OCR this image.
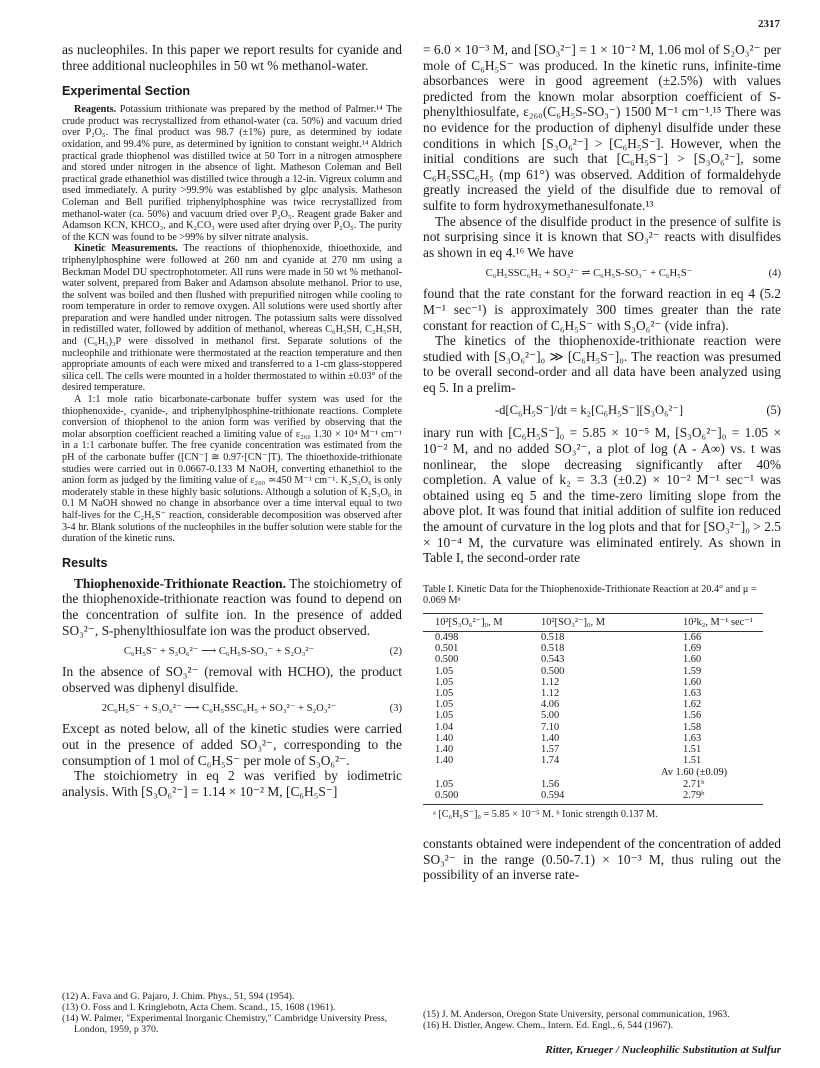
2317

as nucleophiles. In this paper we report results for cyanide and three additional nucleophiles in 50 wt % methanol-water.

Experimental Section

Reagents. Potassium trithionate was prepared by the method of Palmer.¹⁴ The crude product was recrystallized from ethanol-water (ca. 50%) and vacuum dried over P₂O₅. The final product was 98.7 (±1%) pure, as determined by iodate oxidation, and 99.4% pure, as determined by ignition to constant weight.¹⁴ Aldrich practical grade thiophenol was distilled twice at 50 Torr in a nitrogen atmosphere and stored under nitrogen in the absence of light. Matheson Coleman and Bell practical grade ethanethiol was distilled twice through a 12-in. Vigreux column and used immediately. A purity >99.9% was established by glpc analysis. Matheson Coleman and Bell purified triphenylphosphine was twice recrystallized from methanol-water (ca. 50%) and vacuum dried over P₂O₅. Reagent grade Baker and Adamson KCN, KHCO₃, and K₂CO₃ were used after drying over P₂O₅. The purity of the KCN was found to be >99% by silver nitrate analysis.

Kinetic Measurements. The reactions of thiophenoxide, thioethoxide, and triphenylphosphine were followed at 260 nm and cyanide at 270 nm using a Beckman Model DU spectrophotometer. All runs were made in 50 wt % methanol-water solvent, prepared from Baker and Adamson absolute methanol. Prior to use, the solvent was boiled and then flushed with prepurified nitrogen while cooling to room temperature in order to remove oxygen. All solutions were used shortly after preparation and were handled under nitrogen. The potassium salts were dissolved in redistilled water, followed by addition of methanol, whereas C₆H₅SH, C₂H₅SH, and (C₆H₅)₃P were dissolved in methanol first. Separate solutions of the nucleophile and trithionate were thermostated at the reaction temperature and then appropriate amounts of each were mixed and transferred to a 1-cm glass-stoppered silica cell. The cells were mounted in a holder thermostated to within ±0.03° of the desired temperature.

A 1:1 mole ratio bicarbonate-carbonate buffer system was used for the thiophenoxide-, cyanide-, and triphenylphosphine-trithionate reactions. Complete conversion of thiophenol to the anion form was verified by observing that the molar absorption coefficient reached a limiting value of ε₂₆₀ 1.30 × 10⁴ M⁻¹ cm⁻¹ in a 1:1 carbonate buffer. The free cyanide concentration was estimated from the pH of the carbonate buffer ([CN⁻] ≅ 0.97·[CN⁻]T). The thioethoxide-trithionate studies were carried out in 0.0667-0.133 M NaOH, converting ethanethiol to the anion form as judged by the limiting value of ε₂₆₀ ≃450 M⁻¹ cm⁻¹. K₂S₃O₆ is only moderately stable in these highly basic solutions. Although a solution of K₂S₃O₆ in 0.1 M NaOH showed no change in absorbance over a time interval equal to two half-lives for the C₂H₅S⁻ reaction, considerable decomposition was observed after 3-4 hr. Blank solutions of the nucleophiles in the buffer solution were stable for the duration of the kinetic runs.

Results

Thiophenoxide-Trithionate Reaction. The stoichiometry of the thiophenoxide-trithionate reaction was found to depend on the concentration of sulfite ion. In the presence of added SO₃²⁻, S-phenylthiosulfate ion was the product observed.

C₆H₅S⁻ + S₃O₆²⁻ ⟶ C₆H₅S-SO₃⁻ + S₂O₃²⁻	(2)

In the absence of SO₃²⁻ (removal with HCHO), the product observed was diphenyl disulfide.

2C₆H₅S⁻ + S₃O₆²⁻ ⟶ C₆H₅SSC₆H₅ + SO₃²⁻ + S₂O₃²⁻	(3)

Except as noted below, all of the kinetic studies were carried out in the presence of added SO₃²⁻, corresponding to the consumption of 1 mol of C₆H₅S⁻ per mole of S₃O₆²⁻.

The stoichiometry in eq 2 was verified by iodimetric analysis. With [S₃O₆²⁻] = 1.14 × 10⁻² M, [C₆H₅S⁻]

(12) A. Fava and G. Pajaro, J. Chim. Phys., 51, 594 (1954).
(13) O. Foss and I. Kringlebotn, Acta Chem. Scand., 15, 1608 (1961).
(14) W. Palmer, "Experimental Inorganic Chemistry," Cambridge University Press, London, 1959, p 370.

= 6.0 × 10⁻³ M, and [SO₃²⁻] = 1 × 10⁻² M, 1.06 mol of S₂O₃²⁻ per mole of C₆H₅S⁻ was produced. In the kinetic runs, infinite-time absorbances were in good agreement (±2.5%) with values predicted from the known molar absorption coefficient of S-phenylthiosulfate, ε₂₆₀(C₆H₅S-SO₃⁻) 1500 M⁻¹ cm⁻¹.¹⁵ There was no evidence for the production of diphenyl disulfide under these conditions in which [S₃O₆²⁻] > [C₆H₅S⁻]. However, when the initial conditions are such that [C₆H₅S⁻] > [S₃O₆²⁻], some C₆H₅SSC₆H₅ (mp 61°) was observed. Addition of formaldehyde greatly increased the yield of the disulfide due to removal of sulfite to form hydroxymethanesulfonate.¹³

The absence of the disulfide product in the presence of sulfite is not surprising since it is known that SO₃²⁻ reacts with disulfides as shown in eq 4.¹⁶ We have

C₆H₅SSC₆H₅ + SO₃²⁻ ⇌ C₆H₅S-SO₃⁻ + C₆H₅S⁻	(4)

found that the rate constant for the forward reaction in eq 4 (5.2 M⁻¹ sec⁻¹) is approximately 300 times greater than the rate constant for reaction of C₆H₅S⁻ with S₃O₆²⁻ (vide infra).

The kinetics of the thiophenoxide-trithionate reaction were studied with [S₃O₆²⁻]₀ ≫ [C₆H₅S⁻]₀. The reaction was presumed to be overall second-order and all data have been analyzed using eq 5. In a prelim-

-d[C₆H₅S⁻]/dt = k₂[C₆H₅S⁻][S₃O₆²⁻]	(5)

inary run with [C₆H₅S⁻]₀ = 5.85 × 10⁻⁵ M, [S₃O₆²⁻]₀ = 1.05 × 10⁻² M, and no added SO₃²⁻, a plot of log (A - A∞) vs. t was nonlinear, the slope decreasing significantly after 40% completion. A value of k₂ = 3.3 (±0.2) × 10⁻² M⁻¹ sec⁻¹ was obtained using eq 5 and the time-zero limiting slope from the above plot. It was found that initial addition of sulfite ion reduced the amount of curvature in the log plots and that for [SO₃²⁻]₀ > 2.5 × 10⁻⁴ M, the curvature was eliminated entirely. As shown in Table I, the second-order rate

Table I. Kinetic Data for the Thiophenoxide-Trithionate Reaction at 20.4° and μ = 0.069 Mᵃ
10²[S₃O₆²⁻]₀, M	10²[SO₃²⁻]₀, M	10²k₂, M⁻¹ sec⁻¹
0.498	0.518	1.66
0.501	0.518	1.69
0.500	0.543	1.60
1.05	0.500	1.59
1.05	1.12	1.60
1.05	1.12	1.63
1.05	4.06	1.62
1.05	5.00	1.56
1.04	7.10	1.58
1.40	1.40	1.63
1.40	1.57	1.51
1.40	1.74	1.51
		Av 1.60 (±0.09)
1.05	1.56	2.71ᵇ
0.500	0.594	2.79ᵇ
ᵃ [C₆H₅S⁻]₀ = 5.85 × 10⁻⁵ M. ᵇ Ionic strength 0.137 M.

constants obtained were independent of the concentration of added SO₃²⁻ in the range (0.50-7.1) × 10⁻³ M, thus ruling out the possibility of an inverse rate-

(15) J. M. Anderson, Oregon State University, personal communication, 1963.
(16) H. Distler, Angew. Chem., Intern. Ed. Engl., 6, 544 (1967).
Ritter, Krueger / Nucleophilic Substitution at Sulfur
